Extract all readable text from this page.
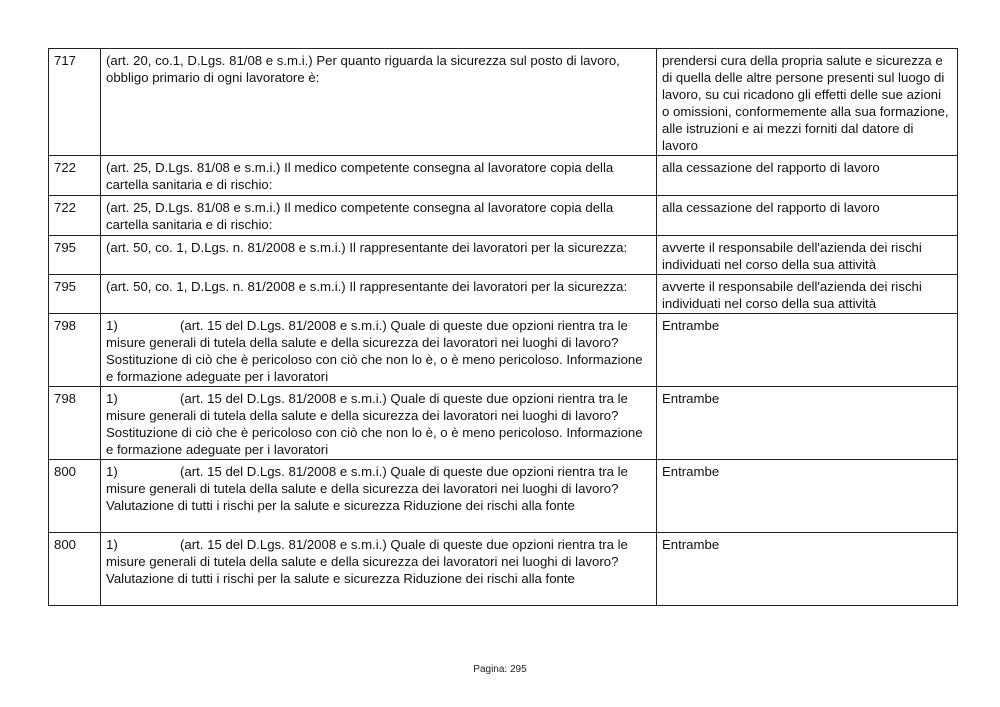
717	(art. 20, co.1, D.Lgs. 81/08 e s.m.i.) Per quanto riguarda la sicurezza sul posto di lavoro, obbligo primario di ogni lavoratore è:	prendersi cura della propria salute e sicurezza e di quella delle altre persone presenti sul luogo di lavoro, su cui ricadono gli effetti delle sue azioni o omissioni, conformemente alla sua formazione, alle istruzioni e ai mezzi forniti dal datore di lavoro
722	(art. 25, D.Lgs. 81/08 e s.m.i.) Il medico competente consegna al lavoratore copia della cartella sanitaria e di rischio:	alla cessazione del rapporto di lavoro
722	(art. 25, D.Lgs. 81/08 e s.m.i.) Il medico competente consegna al lavoratore copia della cartella sanitaria e di rischio:	alla cessazione del rapporto di lavoro
795	(art. 50, co. 1, D.Lgs. n. 81/2008 e s.m.i.) Il rappresentante dei lavoratori per la sicurezza:	avverte il responsabile dell'azienda dei rischi individuati nel corso della sua attività
795	(art. 50, co. 1, D.Lgs. n. 81/2008 e s.m.i.) Il rappresentante dei lavoratori per la sicurezza:	avverte il responsabile dell'azienda dei rischi individuati nel corso della sua attività
798	1) (art. 15 del D.Lgs. 81/2008 e s.m.i.) Quale di queste due opzioni rientra tra le misure generali di tutela della salute e della sicurezza dei lavoratori nei luoghi di lavoro? Sostituzione di ciò che è pericoloso con ciò che non lo è, o è meno pericoloso. Informazione e formazione adeguate per i lavoratori	Entrambe
798	1) (art. 15 del D.Lgs. 81/2008 e s.m.i.) Quale di queste due opzioni rientra tra le misure generali di tutela della salute e della sicurezza dei lavoratori nei luoghi di lavoro? Sostituzione di ciò che è pericoloso con ciò che non lo è, o è meno pericoloso. Informazione e formazione adeguate per i lavoratori	Entrambe
800	1) (art. 15 del D.Lgs. 81/2008 e s.m.i.) Quale di queste due opzioni rientra tra le misure generali di tutela della salute e della sicurezza dei lavoratori nei luoghi di lavoro? Valutazione di tutti i rischi per la salute e sicurezza Riduzione dei rischi alla fonte	Entrambe
800	1) (art. 15 del D.Lgs. 81/2008 e s.m.i.) Quale di queste due opzioni rientra tra le misure generali di tutela della salute e della sicurezza dei lavoratori nei luoghi di lavoro? Valutazione di tutti i rischi per la salute e sicurezza Riduzione dei rischi alla fonte	Entrambe
Pagina: 295
